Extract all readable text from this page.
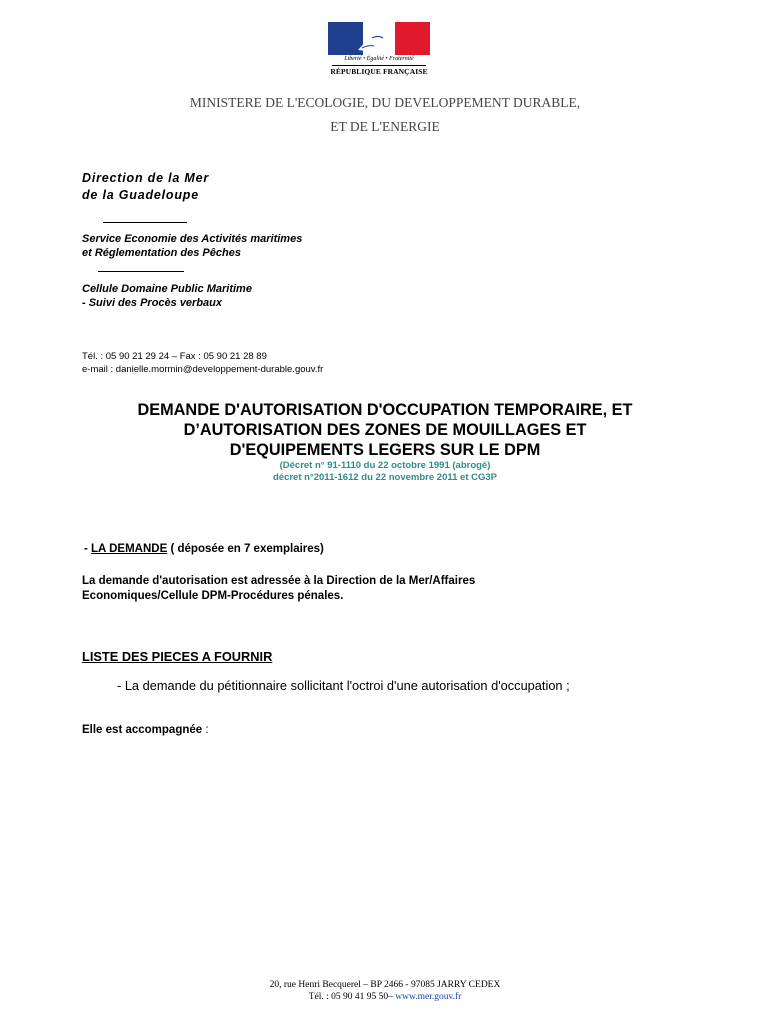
Liberté • Égalité • Fraternité
RÉPUBLIQUE FRANÇAISE
MINISTERE DE L'ECOLOGIE, DU DEVELOPPEMENT DURABLE,
ET DE L'ENERGIE
Direction de la Mer
de la Guadeloupe
Service Economie des Activités maritimes
et Réglementation des Pêches
Cellule Domaine Public Maritime
- Suivi des Procès verbaux
Tél. : 05 90 21 29 24 – Fax : 05 90 21 28 89
e-mail : danielle.mormin@developpement-durable.gouv.fr
DEMANDE D'AUTORISATION D'OCCUPATION TEMPORAIRE, ET
D’AUTORISATION DES ZONES DE MOUILLAGES ET
D'EQUIPEMENTS LEGERS SUR LE DPM
(Décret n° 91-1110 du 22 octobre 1991 (abrogé)
décret n°2011-1612 du 22 novembre 2011 et CG3P
- LA DEMANDE ( déposée en 7 exemplaires)
La demande d'autorisation est adressée à la Direction de la Mer/Affaires
Economiques/Cellule DPM-Procédures pénales.
LISTE DES PIECES A FOURNIR
- La demande du pétitionnaire sollicitant l'octroi d'une autorisation d'occupation ;
Elle est accompagnée :
20, rue Henri Becquerel – BP 2466 - 97085 JARRY CEDEX
Tél. : 05 90 41 95 50– www.mer.gouv.fr
